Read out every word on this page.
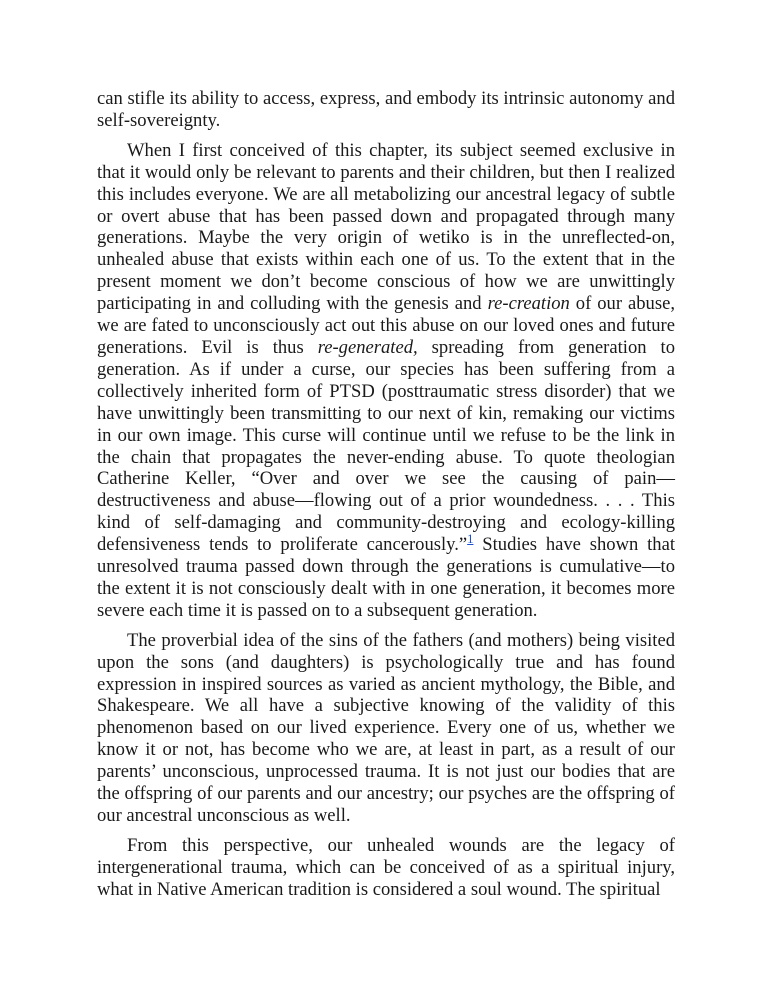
can stifle its ability to access, express, and embody its intrinsic autonomy and self-sovereignty.

When I first conceived of this chapter, its subject seemed exclusive in that it would only be relevant to parents and their children, but then I realized this includes everyone. We are all metabolizing our ancestral legacy of subtle or overt abuse that has been passed down and propagated through many generations. Maybe the very origin of wetiko is in the unreflected-on, unhealed abuse that exists within each one of us. To the extent that in the present moment we don’t become conscious of how we are unwittingly participating in and colluding with the genesis and re-creation of our abuse, we are fated to unconsciously act out this abuse on our loved ones and future generations. Evil is thus re-generated, spreading from generation to generation. As if under a curse, our species has been suffering from a collectively inherited form of PTSD (posttraumatic stress disorder) that we have unwittingly been transmitting to our next of kin, remaking our victims in our own image. This curse will continue until we refuse to be the link in the chain that propagates the never-ending abuse. To quote theologian Catherine Keller, “Over and over we see the causing of pain—destructiveness and abuse—flowing out of a prior woundedness. . . . This kind of self-damaging and community-destroying and ecology-killing defensiveness tends to proliferate cancerously.”$^1$ Studies have shown that unresolved trauma passed down through the generations is cumulative—to the extent it is not consciously dealt with in one generation, it becomes more severe each time it is passed on to a subsequent generation.

The proverbial idea of the sins of the fathers (and mothers) being visited upon the sons (and daughters) is psychologically true and has found expression in inspired sources as varied as ancient mythology, the Bible, and Shakespeare. We all have a subjective knowing of the validity of this phenomenon based on our lived experience. Every one of us, whether we know it or not, has become who we are, at least in part, as a result of our parents’ unconscious, unprocessed trauma. It is not just our bodies that are the offspring of our parents and our ancestry; our psyches are the offspring of our ancestral unconscious as well.

From this perspective, our unhealed wounds are the legacy of intergenerational trauma, which can be conceived of as a spiritual injury, what in Native American tradition is considered a soul wound. The spiritual
